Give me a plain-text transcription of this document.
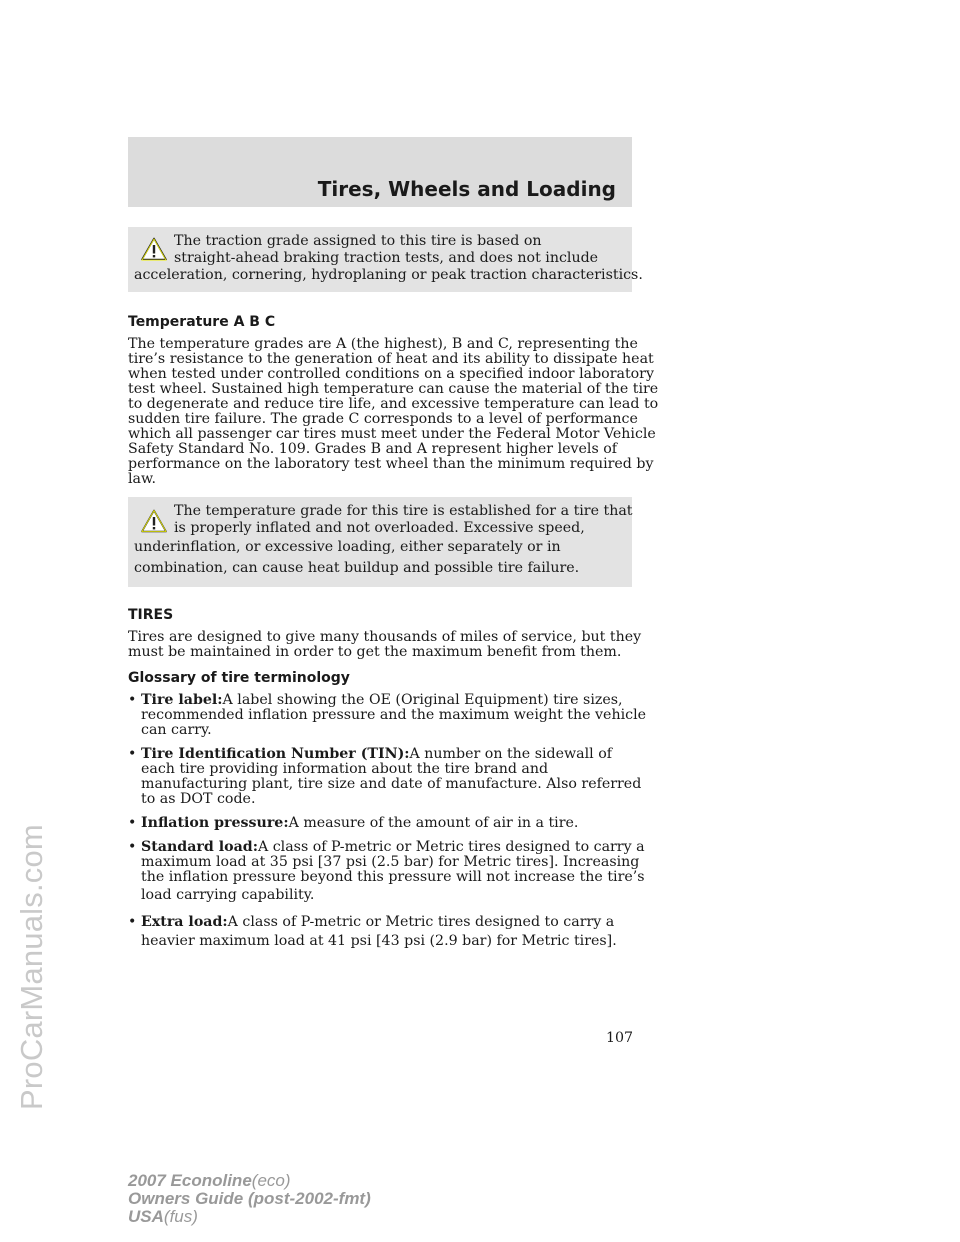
ProCarManuals.com
Tires, Wheels and Loading
The traction grade assigned to this tire is based on
straight-ahead braking traction tests, and does not include
acceleration, cornering, hydroplaning or peak traction characteristics.
Temperature A B C

The temperature grades are A (the highest), B and C, representing the
tire’s resistance to the generation of heat and its ability to dissipate heat
when tested under controlled conditions on a specified indoor laboratory
test wheel. Sustained high temperature can cause the material of the tire
to degenerate and reduce tire life, and excessive temperature can lead to
sudden tire failure. The grade C corresponds to a level of performance
which all passenger car tires must meet under the Federal Motor Vehicle
Safety Standard No. 109. Grades B and A represent higher levels of
performance on the laboratory test wheel than the minimum required by
law.

The temperature grade for this tire is established for a tire that
is properly inflated and not overloaded. Excessive speed,
underinflation, or excessive loading, either separately or in
combination, can cause heat buildup and possible tire failure.
TIRES

Tires are designed to give many thousands of miles of service, but they
must be maintained in order to get the maximum benefit from them.

Glossary of tire terminology
• Tire label:A label showing the OE (Original Equipment) tire sizes,
recommended inflation pressure and the maximum weight the vehicle
can carry.
• Tire Identification Number (TIN):A number on the sidewall of
each tire providing information about the tire brand and
manufacturing plant, tire size and date of manufacture. Also referred
to as DOT code.
• Inflation pressure:A measure of the amount of air in a tire.
• Standard load:A class of P-metric or Metric tires designed to carry a
maximum load at 35 psi [37 psi (2.5 bar) for Metric tires]. Increasing
the inflation pressure beyond this pressure will not increase the tire’s
load carrying capability.
• Extra load:A class of P-metric or Metric tires designed to carry a
heavier maximum load at 41 psi [43 psi (2.9 bar) for Metric tires].
107
2007 Econoline(eco)
Owners Guide (post-2002-fmt)
USA(fus)
